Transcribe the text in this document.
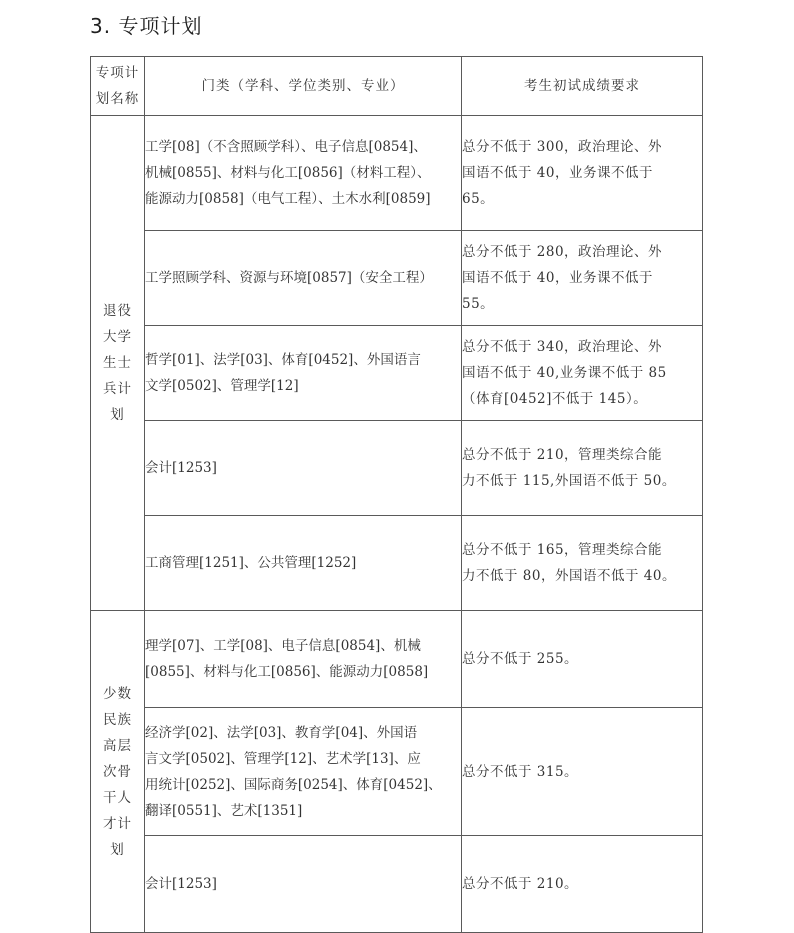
3. 专项计划
专项计划名称	门类（学科、学位类别、专业）	考生初试成绩要求

退役大学生士兵计划	工学[08]（不含照顾学科）、电子信息[0854]、
机械[0855]、材料与化工[0856]（材料工程）、
能源动力[0858]（电气工程）、土木水利[0859]	总分不低于 300，政治理论、外
国语不低于 40，业务课不低于
65。
	工学照顾学科、资源与环境[0857]（安全工程）	总分不低于 280，政治理论、外
国语不低于 40，业务课不低于
55。
	哲学[01]、法学[03]、体育[0452]、外国语言
文学[0502]、管理学[12]	总分不低于 340，政治理论、外
国语不低于 40,业务课不低于 85
（体育[0452]不低于 145）。
	会计[1253]	总分不低于 210，管理类综合能
力不低于 115,外国语不低于 50。
	工商管理[1251]、公共管理[1252]	总分不低于 165，管理类综合能
力不低于 80，外国语不低于 40。

少数民族高层次骨干人才计划	理学[07]、工学[08]、电子信息[0854]、机械
[0855]、材料与化工[0856]、能源动力[0858]	总分不低于 255。
	经济学[02]、法学[03]、教育学[04]、外国语
言文学[0502]、管理学[12]、艺术学[13]、应
用统计[0252]、国际商务[0254]、体育[0452]、
翻译[0551]、艺术[1351]	总分不低于 315。
	会计[1253]	总分不低于 210。
